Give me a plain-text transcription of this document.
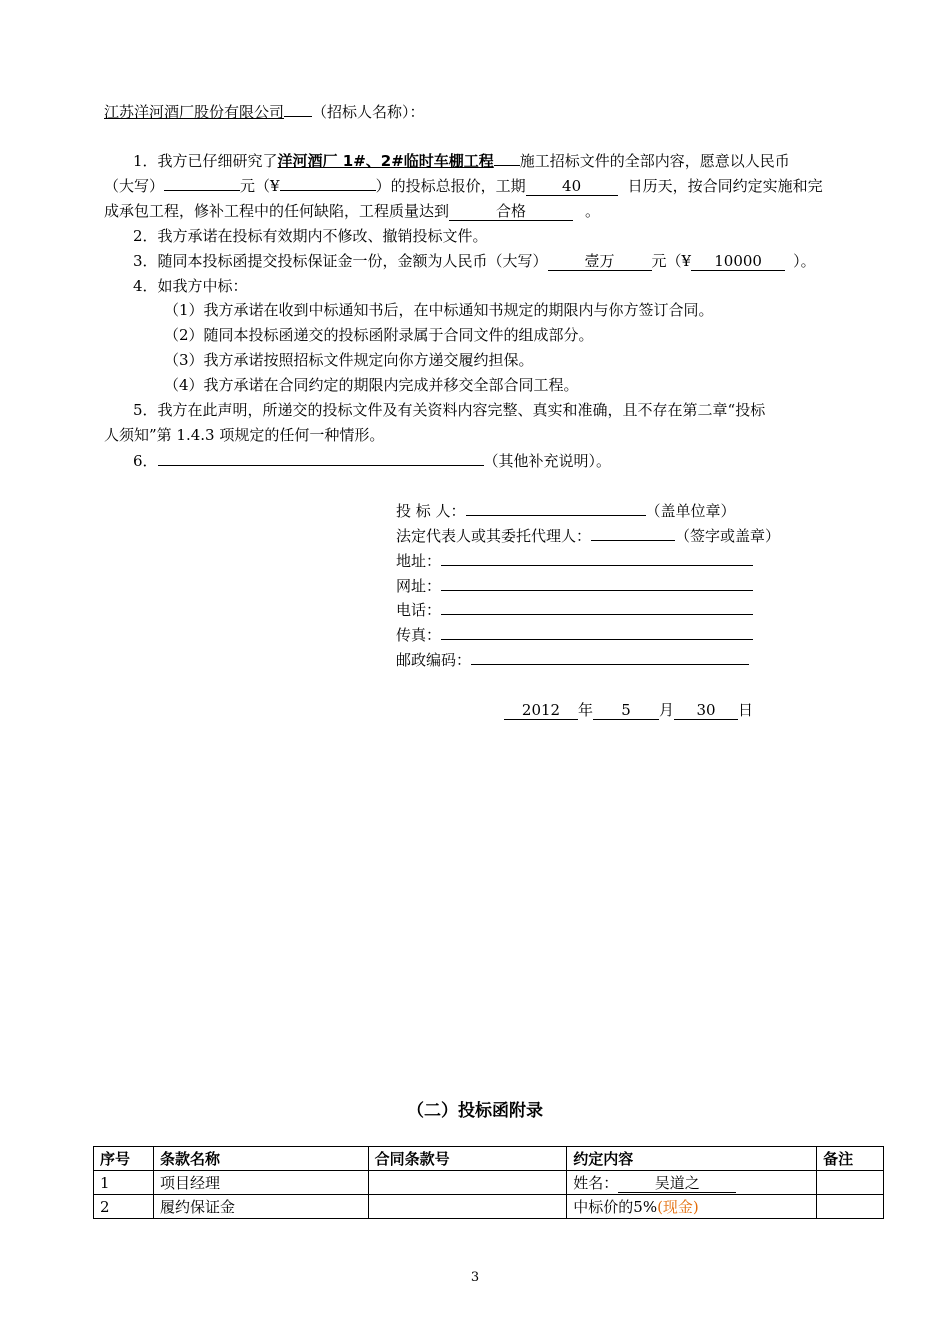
江苏洋河酒厂股份有限公司 （招标人名称）：
1．我方已仔细研究了洋河酒厂 1#、2#临时车棚工程 施工招标文件的全部内容，愿意以人民币
（大写）	元（¥	）的投标总报价，工期 40	日历天，按合同约定实施和完
成承包工程，修补工程中的任何缺陷，工程质量达到	合格	。
2．我方承诺在投标有效期内不修改、撤销投标文件。
3．随同本投标函提交投标保证金一份，金额为人民币（大写） 壹万 元（¥ 10000 ）。
4．如我方中标：
（1）我方承诺在收到中标通知书后，在中标通知书规定的期限内与你方签订合同。
（2）随同本投标函递交的投标函附录属于合同文件的组成部分。
（3）我方承诺按照招标文件规定向你方递交履约担保。
（4）我方承诺在合同约定的期限内完成并移交全部合同工程。
5．我方在此声明，所递交的投标文件及有关资料内容完整、真实和准确，且不存在第二章“投标
人须知”第 1.4.3 项规定的任何一种情形。
6．	（其他补充说明）。
投 标 人：	（盖单位章）
法定代表人或其委托代理人：	（签字或盖章）
地址：
网址：
电话：
传真：
邮政编码：
2012 年 5 月 30 日
（二）投标函附录
序号	条款名称	合同条款号	约定内容	备注
1	项目经理		姓名： 吴道之	
2	履约保证金		中标价的5%(现金)	
3
